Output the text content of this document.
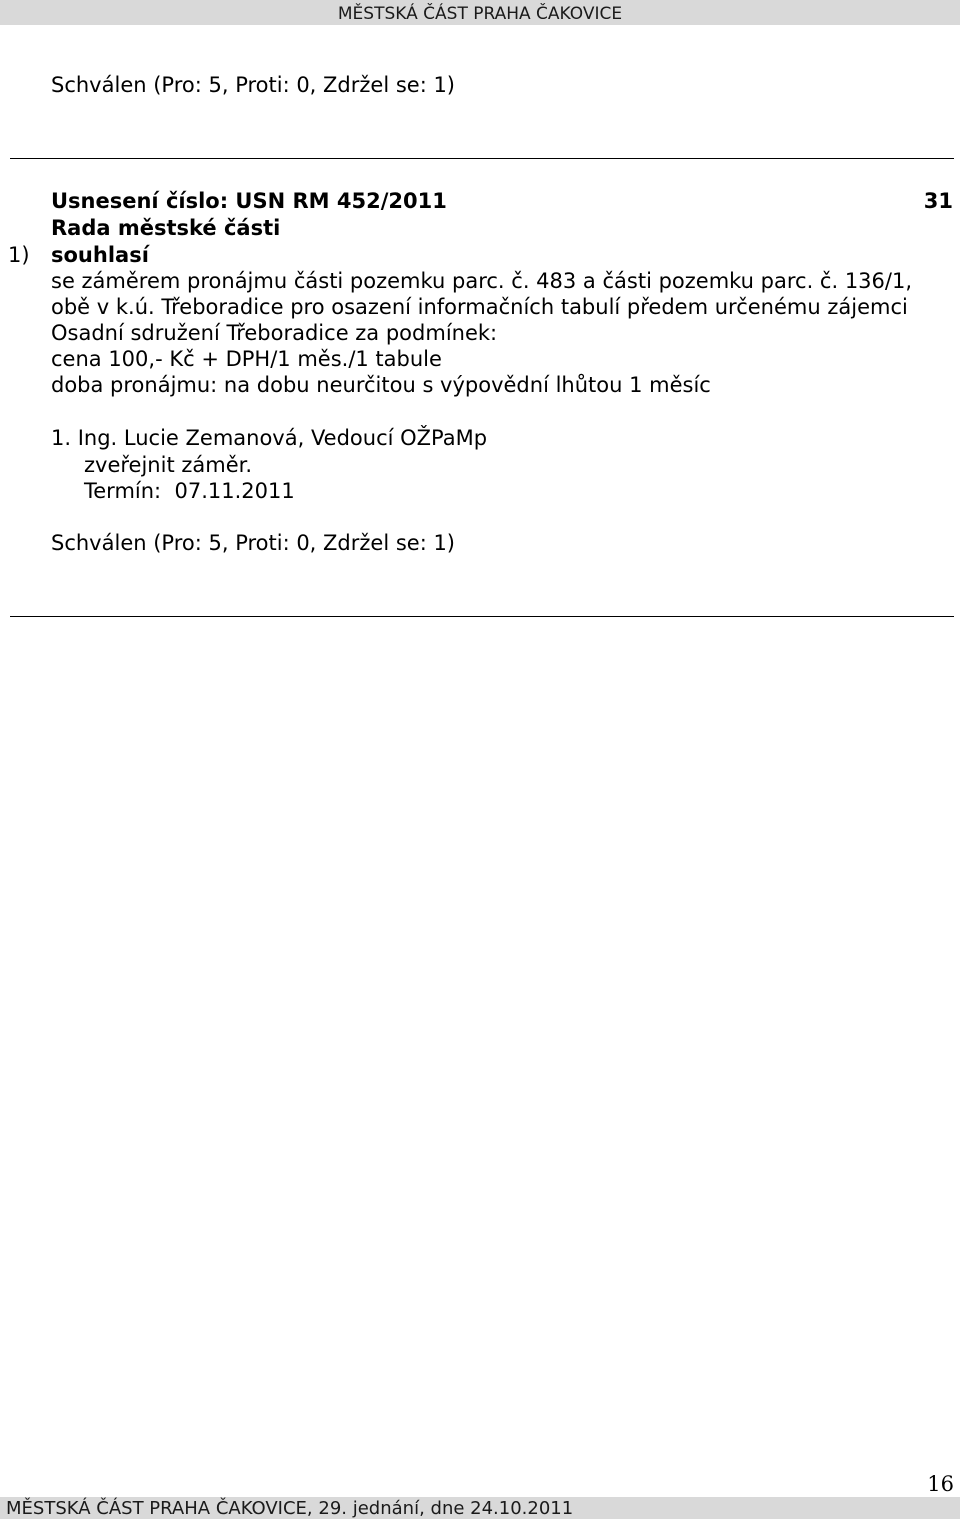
MĚSTSKÁ ČÁST PRAHA ČAKOVICE
Schválen (Pro: 5, Proti: 0, Zdržel se: 1)
Usnesení číslo: USN RM 452/2011	31
Rada městské části
1) souhlasí
se záměrem pronájmu části pozemku parc. č. 483 a části pozemku parc. č. 136/1,
obě v k.ú. Třeboradice pro osazení informačních tabulí předem určenému zájemci
Osadní sdružení Třeboradice za podmínek:
cena 100,- Kč + DPH/1 měs./1 tabule
doba pronájmu: na dobu neurčitou s výpovědní lhůtou 1 měsíc
1. Ing. Lucie Zemanová, Vedoucí OŽPaMp
zveřejnit záměr.
Termín:  07.11.2011
Schválen (Pro: 5, Proti: 0, Zdržel se: 1)
16
MĚSTSKÁ ČÁST PRAHA ČAKOVICE, 29. jednání, dne 24.10.2011
